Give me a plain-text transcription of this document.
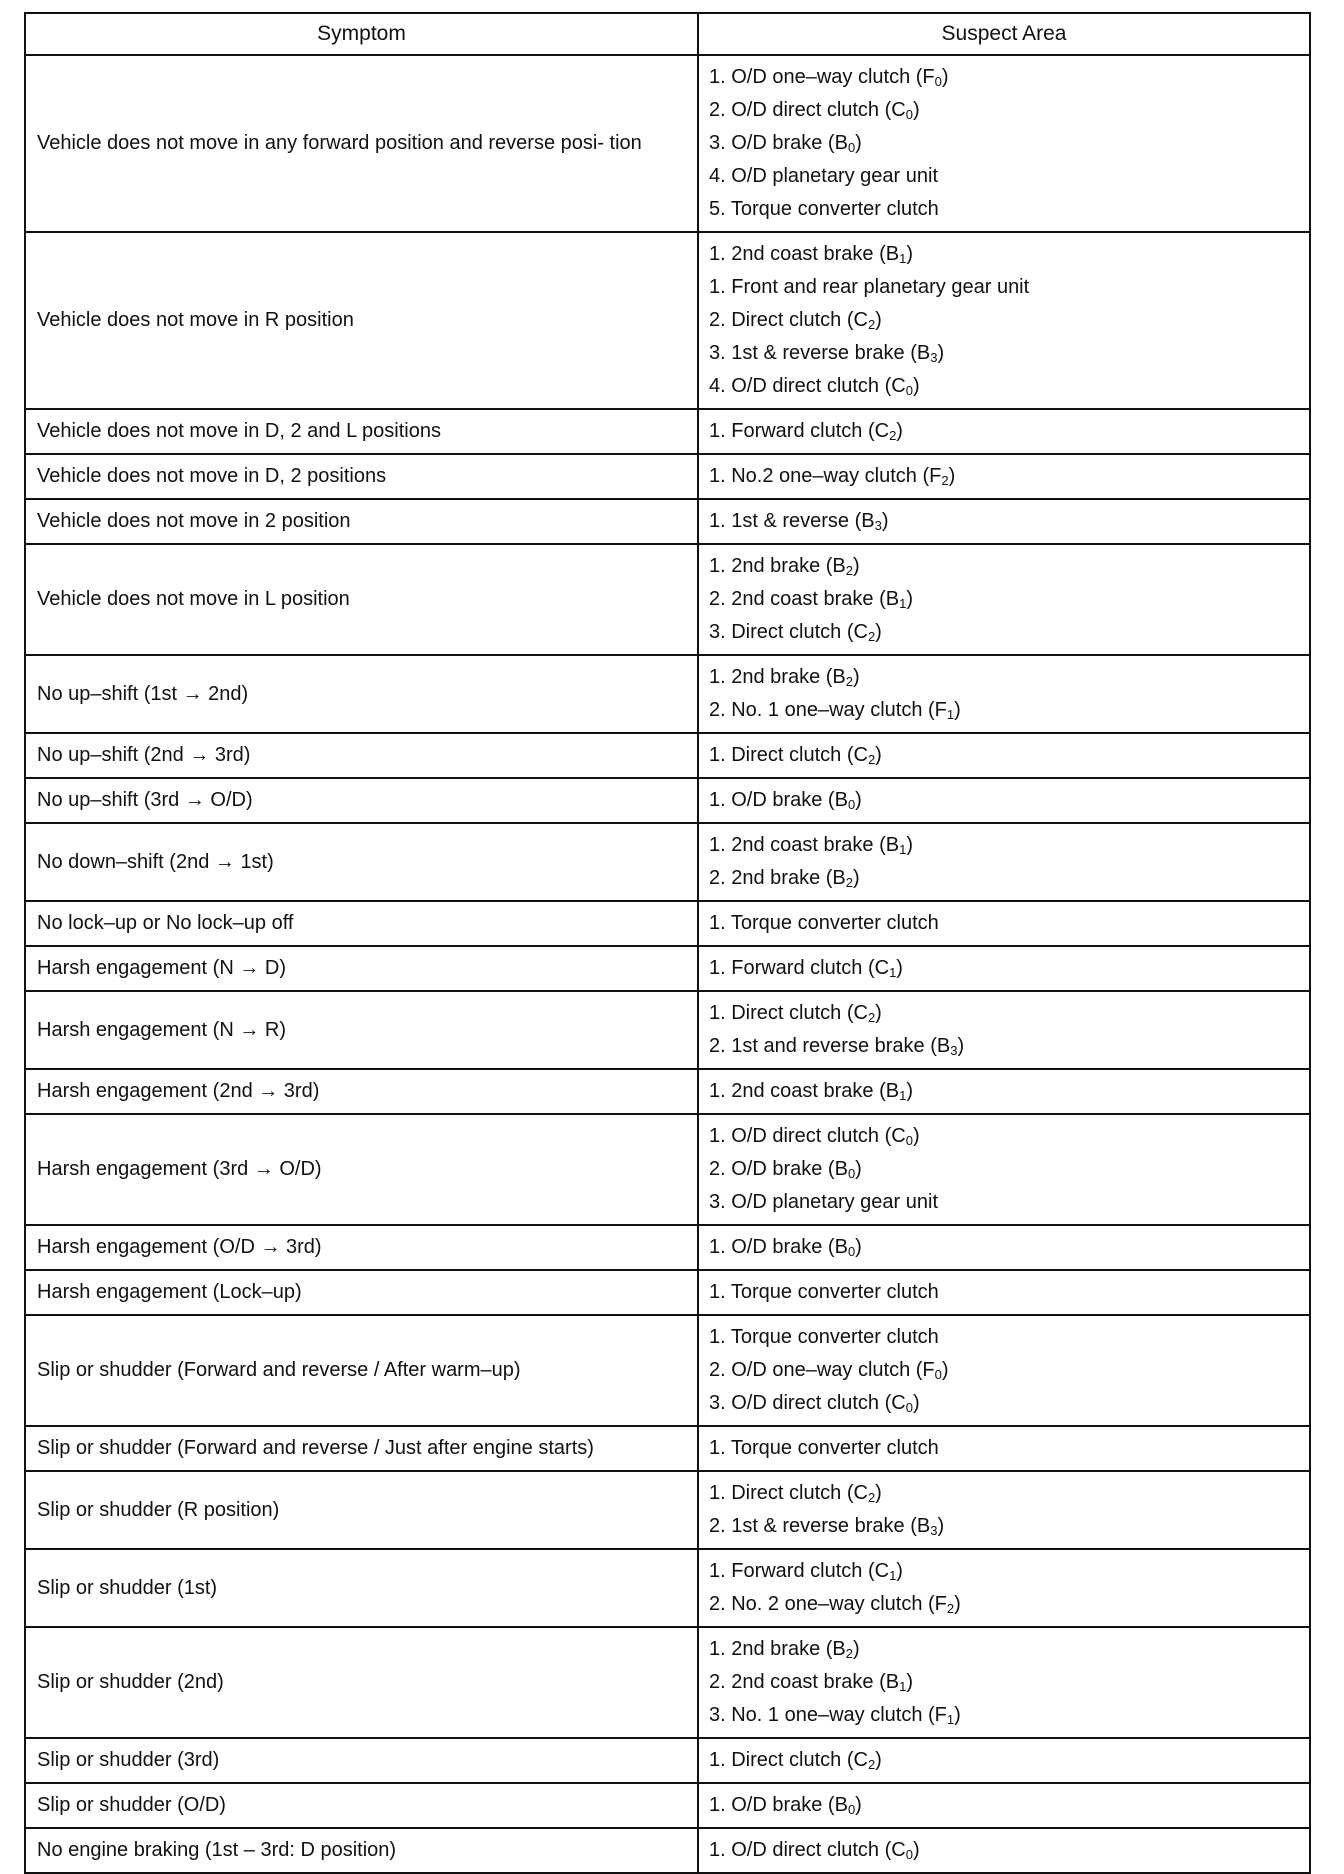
Symptom	Suspect Area
Vehicle does not move in any forward position and reverse posi- tion	1. O/D one–way clutch $(F_0)$
2. O/D direct clutch $(C_0)$
3. O/D brake $(B_0)$
4. O/D planetary gear unit
5. Torque converter clutch

Vehicle does not move in R position	1. 2nd coast brake $(B_1)$
1. Front and rear planetary gear unit
2. Direct clutch $(C_2)$
3. 1st & reverse brake $(B_3)$
4. O/D direct clutch $(C_0)$

Vehicle does not move in D, 2 and L positions	1. Forward clutch $(C_2)$

Vehicle does not move in D, 2 positions	1. No.2 one–way clutch $(F_2)$

Vehicle does not move in 2 position	1. 1st & reverse $(B_3)$

Vehicle does not move in L position	1. 2nd brake $(B_2)$
2. 2nd coast brake $(B_1)$
3. Direct clutch $(C_2)$

No up–shift (1st → 2nd)	1. 2nd brake $(B_2)$
2. No. 1 one–way clutch $(F_1)$

No up–shift (2nd → 3rd)	1. Direct clutch $(C_2)$

No up–shift (3rd → O/D)	1. O/D brake $(B_0)$

No down–shift (2nd → 1st)	1. 2nd coast brake $(B_1)$
2. 2nd brake $(B_2)$

No lock–up or No lock–up off	1. Torque converter clutch

Harsh engagement (N → D)	1. Forward clutch $(C_1)$

Harsh engagement (N → R)	1. Direct clutch $(C_2)$
2. 1st and reverse brake $(B_3)$

Harsh engagement (2nd → 3rd)	1. 2nd coast brake $(B_1)$

Harsh engagement (3rd → O/D)	1. O/D direct clutch $(C_0)$
2. O/D brake $(B_0)$
3. O/D planetary gear unit

Harsh engagement (O/D → 3rd)	1. O/D brake $(B_0)$

Harsh engagement (Lock–up)	1. Torque converter clutch

Slip or shudder (Forward and reverse / After warm–up)	1. Torque converter clutch
2. O/D one–way clutch $(F_0)$
3. O/D direct clutch $(C_0)$

Slip or shudder (Forward and reverse / Just after engine starts)	1. Torque converter clutch

Slip or shudder (R position)	1. Direct clutch $(C_2)$
2. 1st & reverse brake $(B_3)$

Slip or shudder (1st)	1. Forward clutch $(C_1)$
2. No. 2 one–way clutch $(F_2)$

Slip or shudder (2nd)	1. 2nd brake $(B_2)$
2. 2nd coast brake $(B_1)$
3. No. 1 one–way clutch $(F_1)$

Slip or shudder (3rd)	1. Direct clutch $(C_2)$

Slip or shudder (O/D)	1. O/D brake $(B_0)$

No engine braking (1st – 3rd: D position)	1. O/D direct clutch $(C_0)$
